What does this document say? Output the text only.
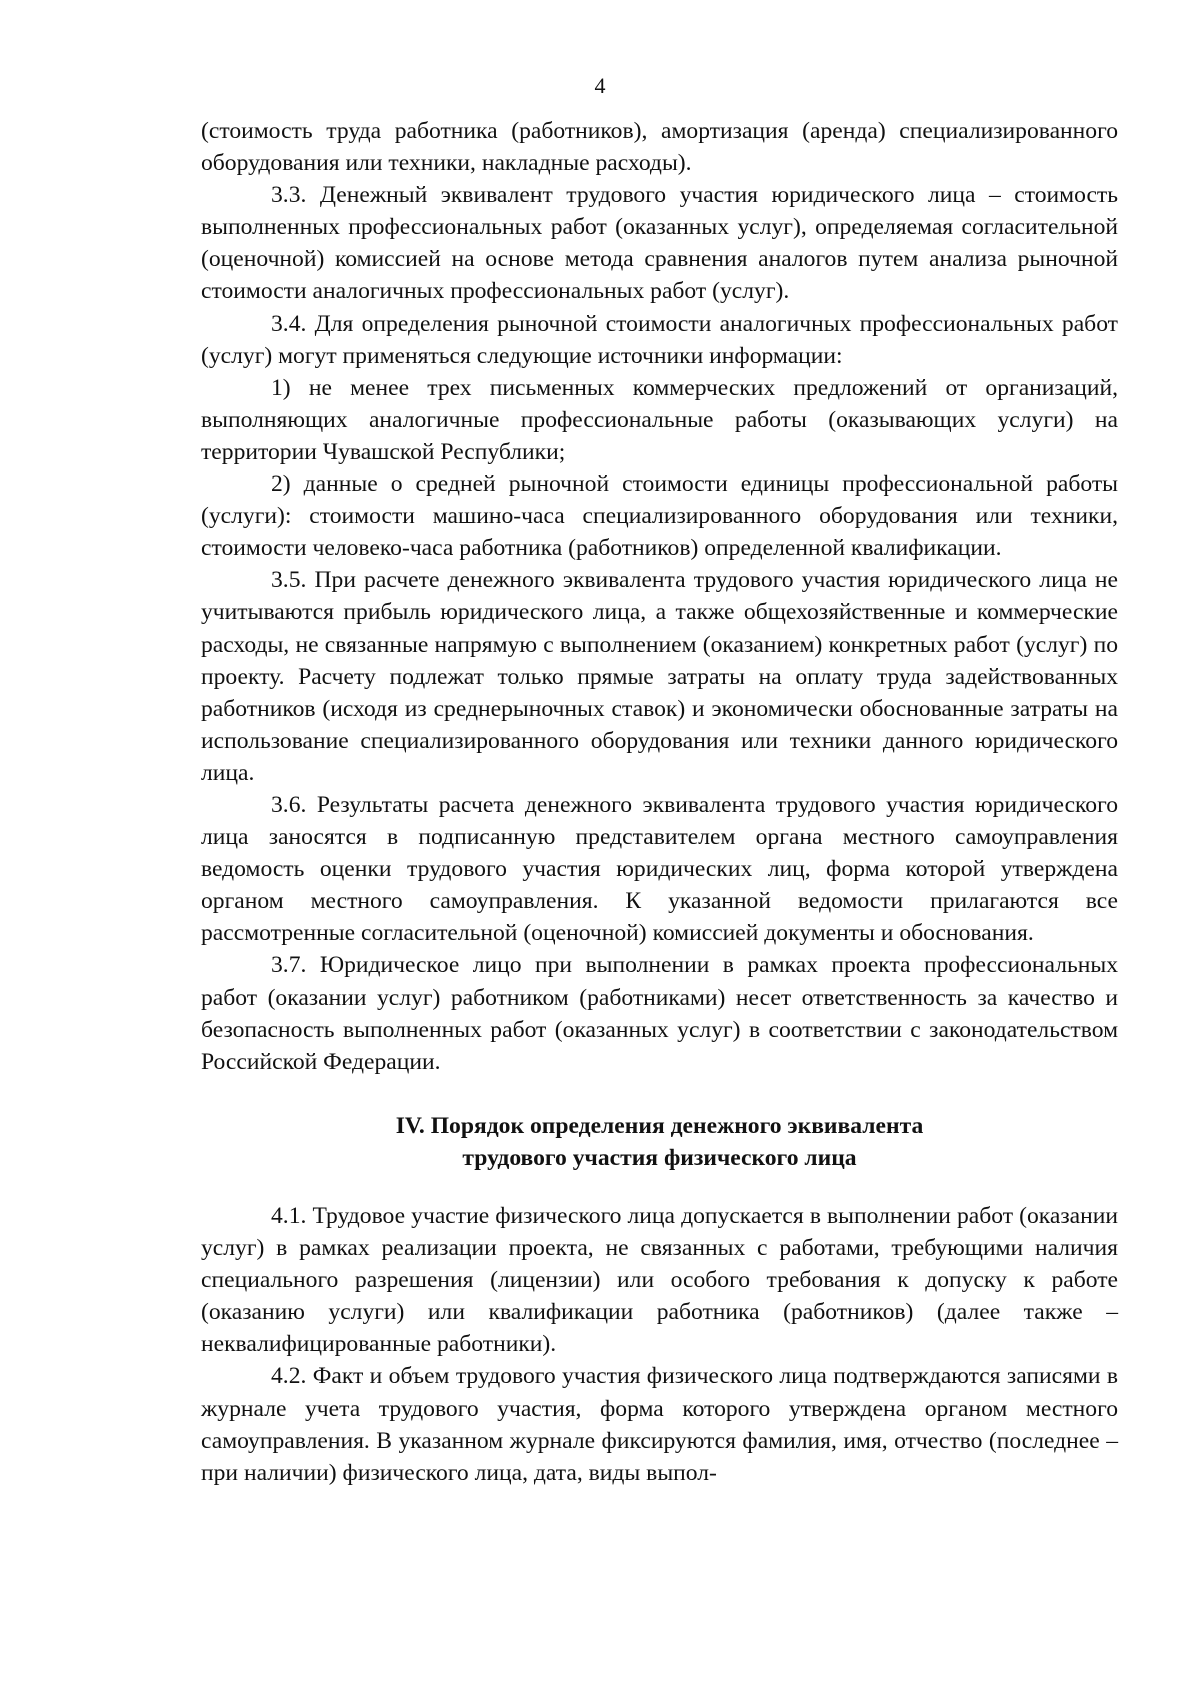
4

(стоимость труда работника (работников), амортизация (аренда) специализированного оборудования или техники, накладные расходы).

3.3. Денежный эквивалент трудового участия юридического лица – стоимость выполненных профессиональных работ (оказанных услуг), определяемая согласительной (оценочной) комиссией на основе метода сравнения аналогов путем анализа рыночной стоимости аналогичных профессиональных работ (услуг).

3.4. Для определения рыночной стоимости аналогичных профессиональных работ (услуг) могут применяться следующие источники информации:

1) не менее трех письменных коммерческих предложений от организаций, выполняющих аналогичные профессиональные работы (оказывающих услуги) на территории Чувашской Республики;

2) данные о средней рыночной стоимости единицы профессиональной работы (услуги): стоимости машино-часа специализированного оборудования или техники, стоимости человеко-часа работника (работников) определенной квалификации.

3.5. При расчете денежного эквивалента трудового участия юридического лица не учитываются прибыль юридического лица, а также общехозяйственные и коммерческие расходы, не связанные напрямую с выполнением (оказанием) конкретных работ (услуг) по проекту. Расчету подлежат только прямые затраты на оплату труда задействованных работников (исходя из среднерыночных ставок) и экономически обоснованные затраты на использование специализированного оборудования или техники данного юридического лица.

3.6. Результаты расчета денежного эквивалента трудового участия юридического лица заносятся в подписанную представителем органа местного самоуправления ведомость оценки трудового участия юридических лиц, форма которой утверждена органом местного самоуправления. К указанной ведомости прилагаются все рассмотренные согласительной (оценочной) комиссией документы и обоснования.

3.7. Юридическое лицо при выполнении в рамках проекта профессиональных работ (оказании услуг) работником (работниками) несет ответственность за качество и безопасность выполненных работ (оказанных услуг) в соответствии с законодательством Российской Федерации.

IV. Порядок определения денежного эквивалента
трудового участия физического лица

4.1. Трудовое участие физического лица допускается в выполнении работ (оказании услуг) в рамках реализации проекта, не связанных с работами, требующими наличия специального разрешения (лицензии) или особого требования к допуску к работе (оказанию услуги) или квалификации работника (работников) (далее также – неквалифицированные работники).

4.2. Факт и объем трудового участия физического лица подтверждаются записями в журнале учета трудового участия, форма которого утверждена органом местного самоуправления. В указанном журнале фиксируются фамилия, имя, отчество (последнее – при наличии) физического лица, дата, виды выпол-
